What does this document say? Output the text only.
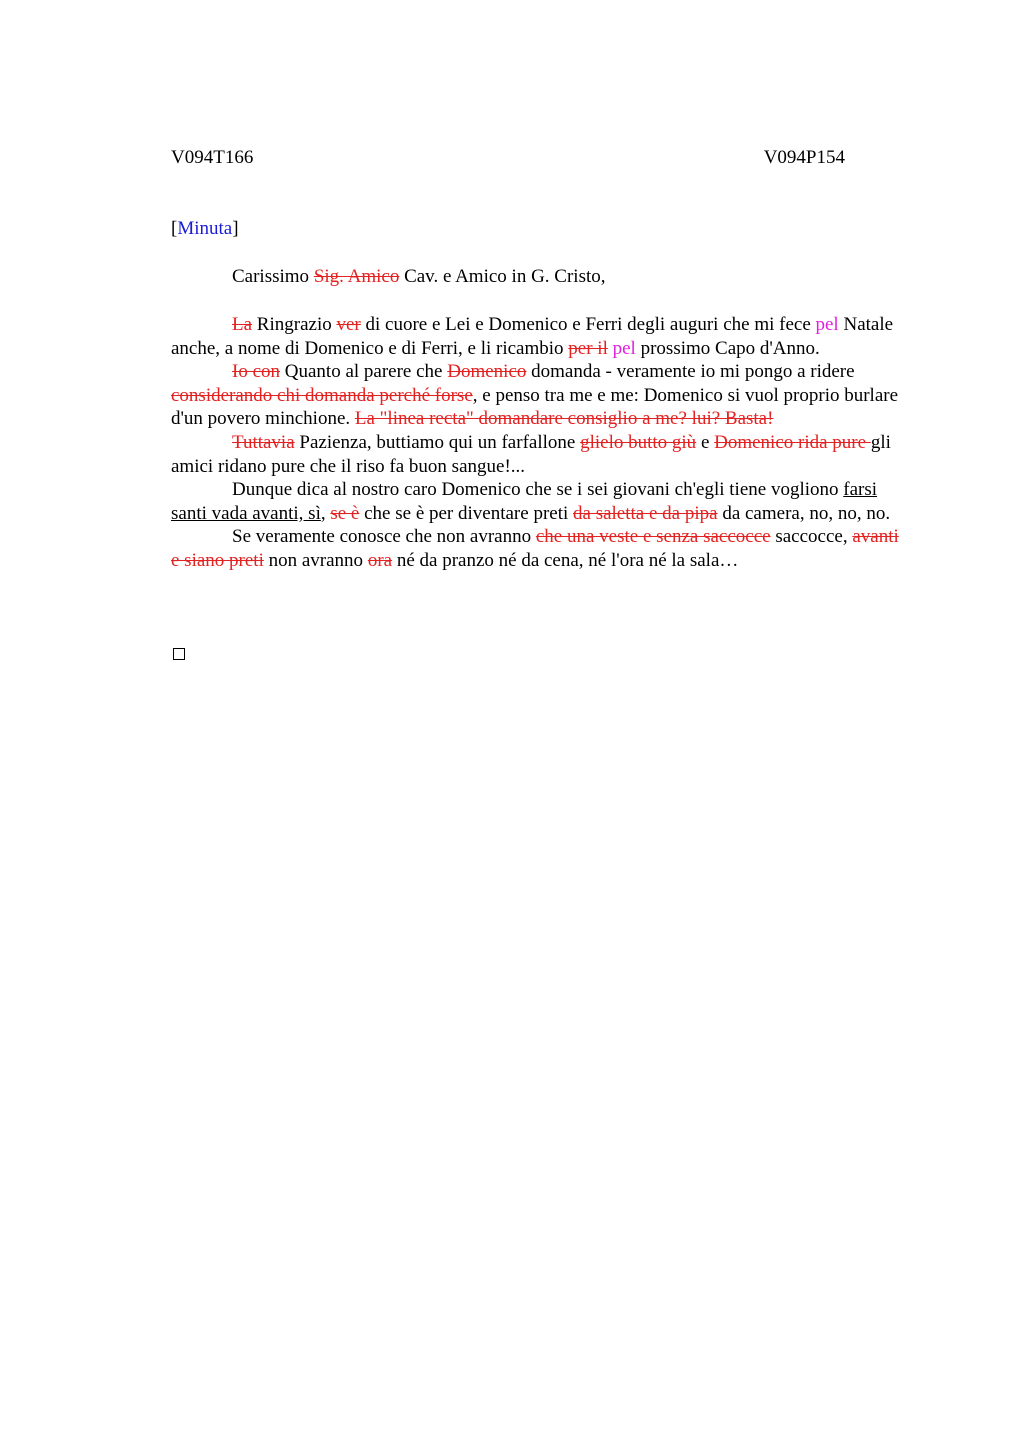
V094T166	V094P154
[Minuta]
Carissimo Sig. Amico Cav. e Amico in G. Cristo,

La Ringrazio ver di cuore e Lei e Domenico e Ferri degli auguri che mi fece pel Natale anche, a nome di Domenico e di Ferri, e li ricambio per il pel prossimo Capo d'Anno.

Io con Quanto al parere che Domenico domanda - veramente io mi pongo a ridere considerando chi domanda perché forse, e penso tra me e me: Domenico si vuol proprio burlare d'un povero minchione. La "linea recta" domandare consiglio a me? lui? Basta!

Tuttavia Pazienza, buttiamo qui un farfallone glielo butto giù e Domenico rida pure gli amici ridano pure che il riso fa buon sangue!...

Dunque dica al nostro caro Domenico che se i sei giovani ch'egli tiene vogliono farsi santi vada avanti, sì, se è che se è per diventare preti da saletta e da pipa da camera, no, no, no.

Se veramente conosce che non avranno che una veste e senza saccocce saccocce, avanti e siano preti non avranno ora né da pranzo né da cena, né l'ora né la sala…
